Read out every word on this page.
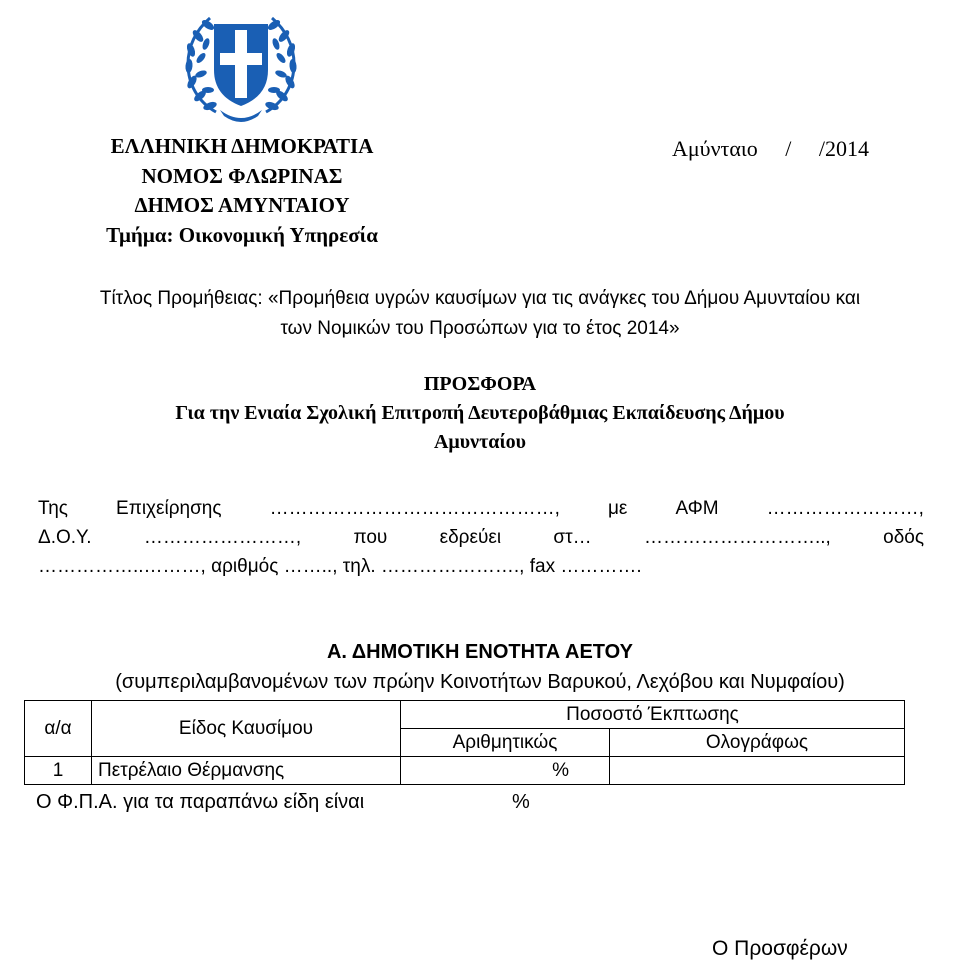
ΕΛΛΗΝΙΚΗ ΔΗΜΟΚΡΑΤΙΑ
ΝΟΜΟΣ ΦΛΩΡΙΝΑΣ
ΔΗΜΟΣ ΑΜΥΝΤΑΙΟΥ
Τμήμα: Οικονομική Υπηρεσία
Αμύνταιο     /     /2014
Τίτλος Προμήθειας: «Προμήθεια υγρών καυσίμων για τις ανάγκες του Δήμου Αμυνταίου και
των Νομικών του Προσώπων για το έτος 2014»
ΠΡΟΣΦΟΡΑ
Για την Ενιαία Σχολική Επιτροπή Δευτεροβάθμιας Εκπαίδευσης Δήμου
Αμυνταίου
Της	Επιχείρησης	………………………………………,	με	ΑΦΜ	……………………,
Δ.Ο.Υ.	……………………,	που	εδρεύει	στ…	………………………..,	οδός
……………..………, αριθμός …….., τηλ. …………………., fax ………….
Α. ΔΗΜΟΤΙΚΗ ΕΝΟΤΗΤΑ ΑΕΤΟΥ
(συμπεριλαμβανομένων των πρώην Κοινοτήτων Βαρυκού, Λεχόβου και Νυμφαίου)
α/α	Είδος Καυσίμου	Ποσοστό Έκπτωσης	
		Αριθμητικώς	Ολογράφως
1	Πετρέλαιο Θέρμανσης	%	
Ο Φ.Π.Α. για τα παραπάνω είδη είναι	%
Ο Προσφέρων
